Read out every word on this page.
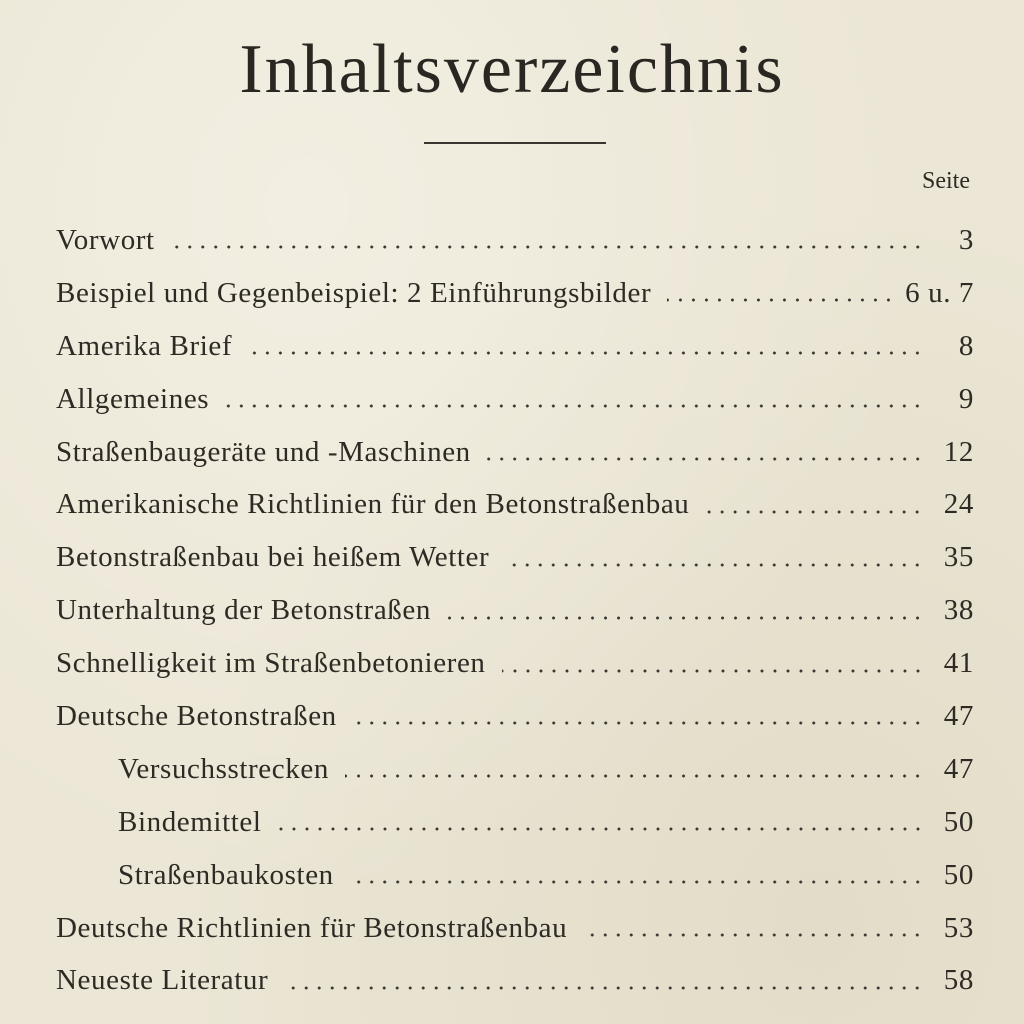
Inhaltsverzeichnis
Seite
Vorwort	3
Beispiel und Gegenbeispiel: 2 Einführungsbilder	6 u. 7
Amerika Brief	8
Allgemeines	9
Straßenbaugeräte und -Maschinen	12
Amerikanische Richtlinien für den Betonstraßenbau	24
Betonstraßenbau bei heißem Wetter	35
Unterhaltung der Betonstraßen	38
Schnelligkeit im Straßenbetonieren	41
Deutsche Betonstraßen	47
Versuchsstrecken	47
Bindemittel	50
Straßenbaukosten	50
Deutsche Richtlinien für Betonstraßenbau	53
Neueste Literatur	58
